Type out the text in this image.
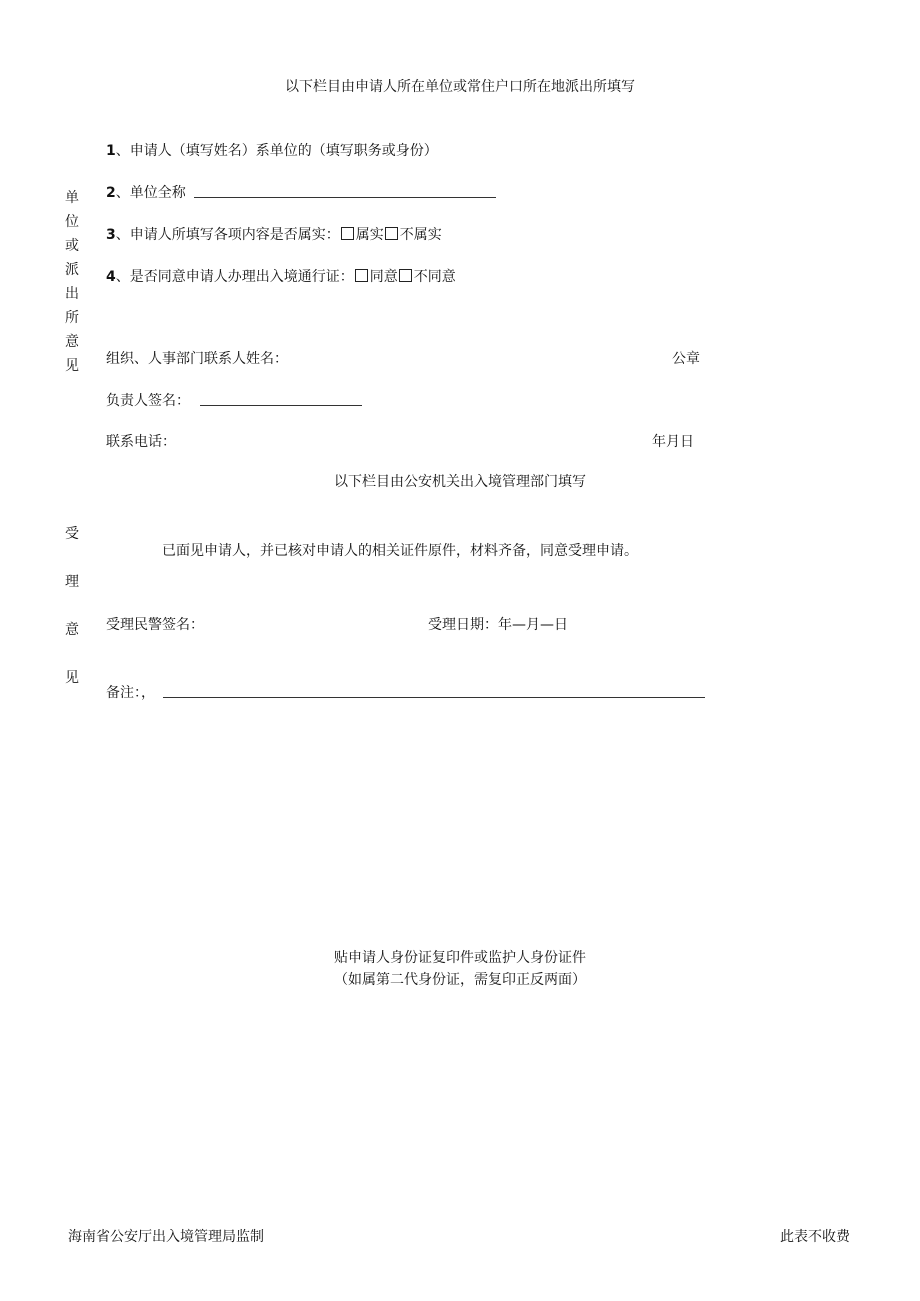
以下栏目由申请人所在单位或常住户口所在地派出所填写
单
位
或
派
出
所
意
见
1、申请人（填写姓名）系单位的（填写职务或身份）
2、单位全称
3、申请人所填写各项内容是否属实： 属实 不属实
4、是否同意申请人办理出入境通行证： 同意 不同意
组织、人事部门联系人姓名：	公章
负责人签名：
联系电话：	年月日
以下栏目由公安机关出入境管理部门填写
受
理
意
见
已面见申请人，并已核对申请人的相关证件原件，材料齐备，同意受理申请。
受理民警签名：	受理日期：年—月—日
备注：，
贴申请人身份证复印件或监护人身份证件
（如属第二代身份证，需复印正反两面）
海南省公安厅出入境管理局监制	此表不收费
